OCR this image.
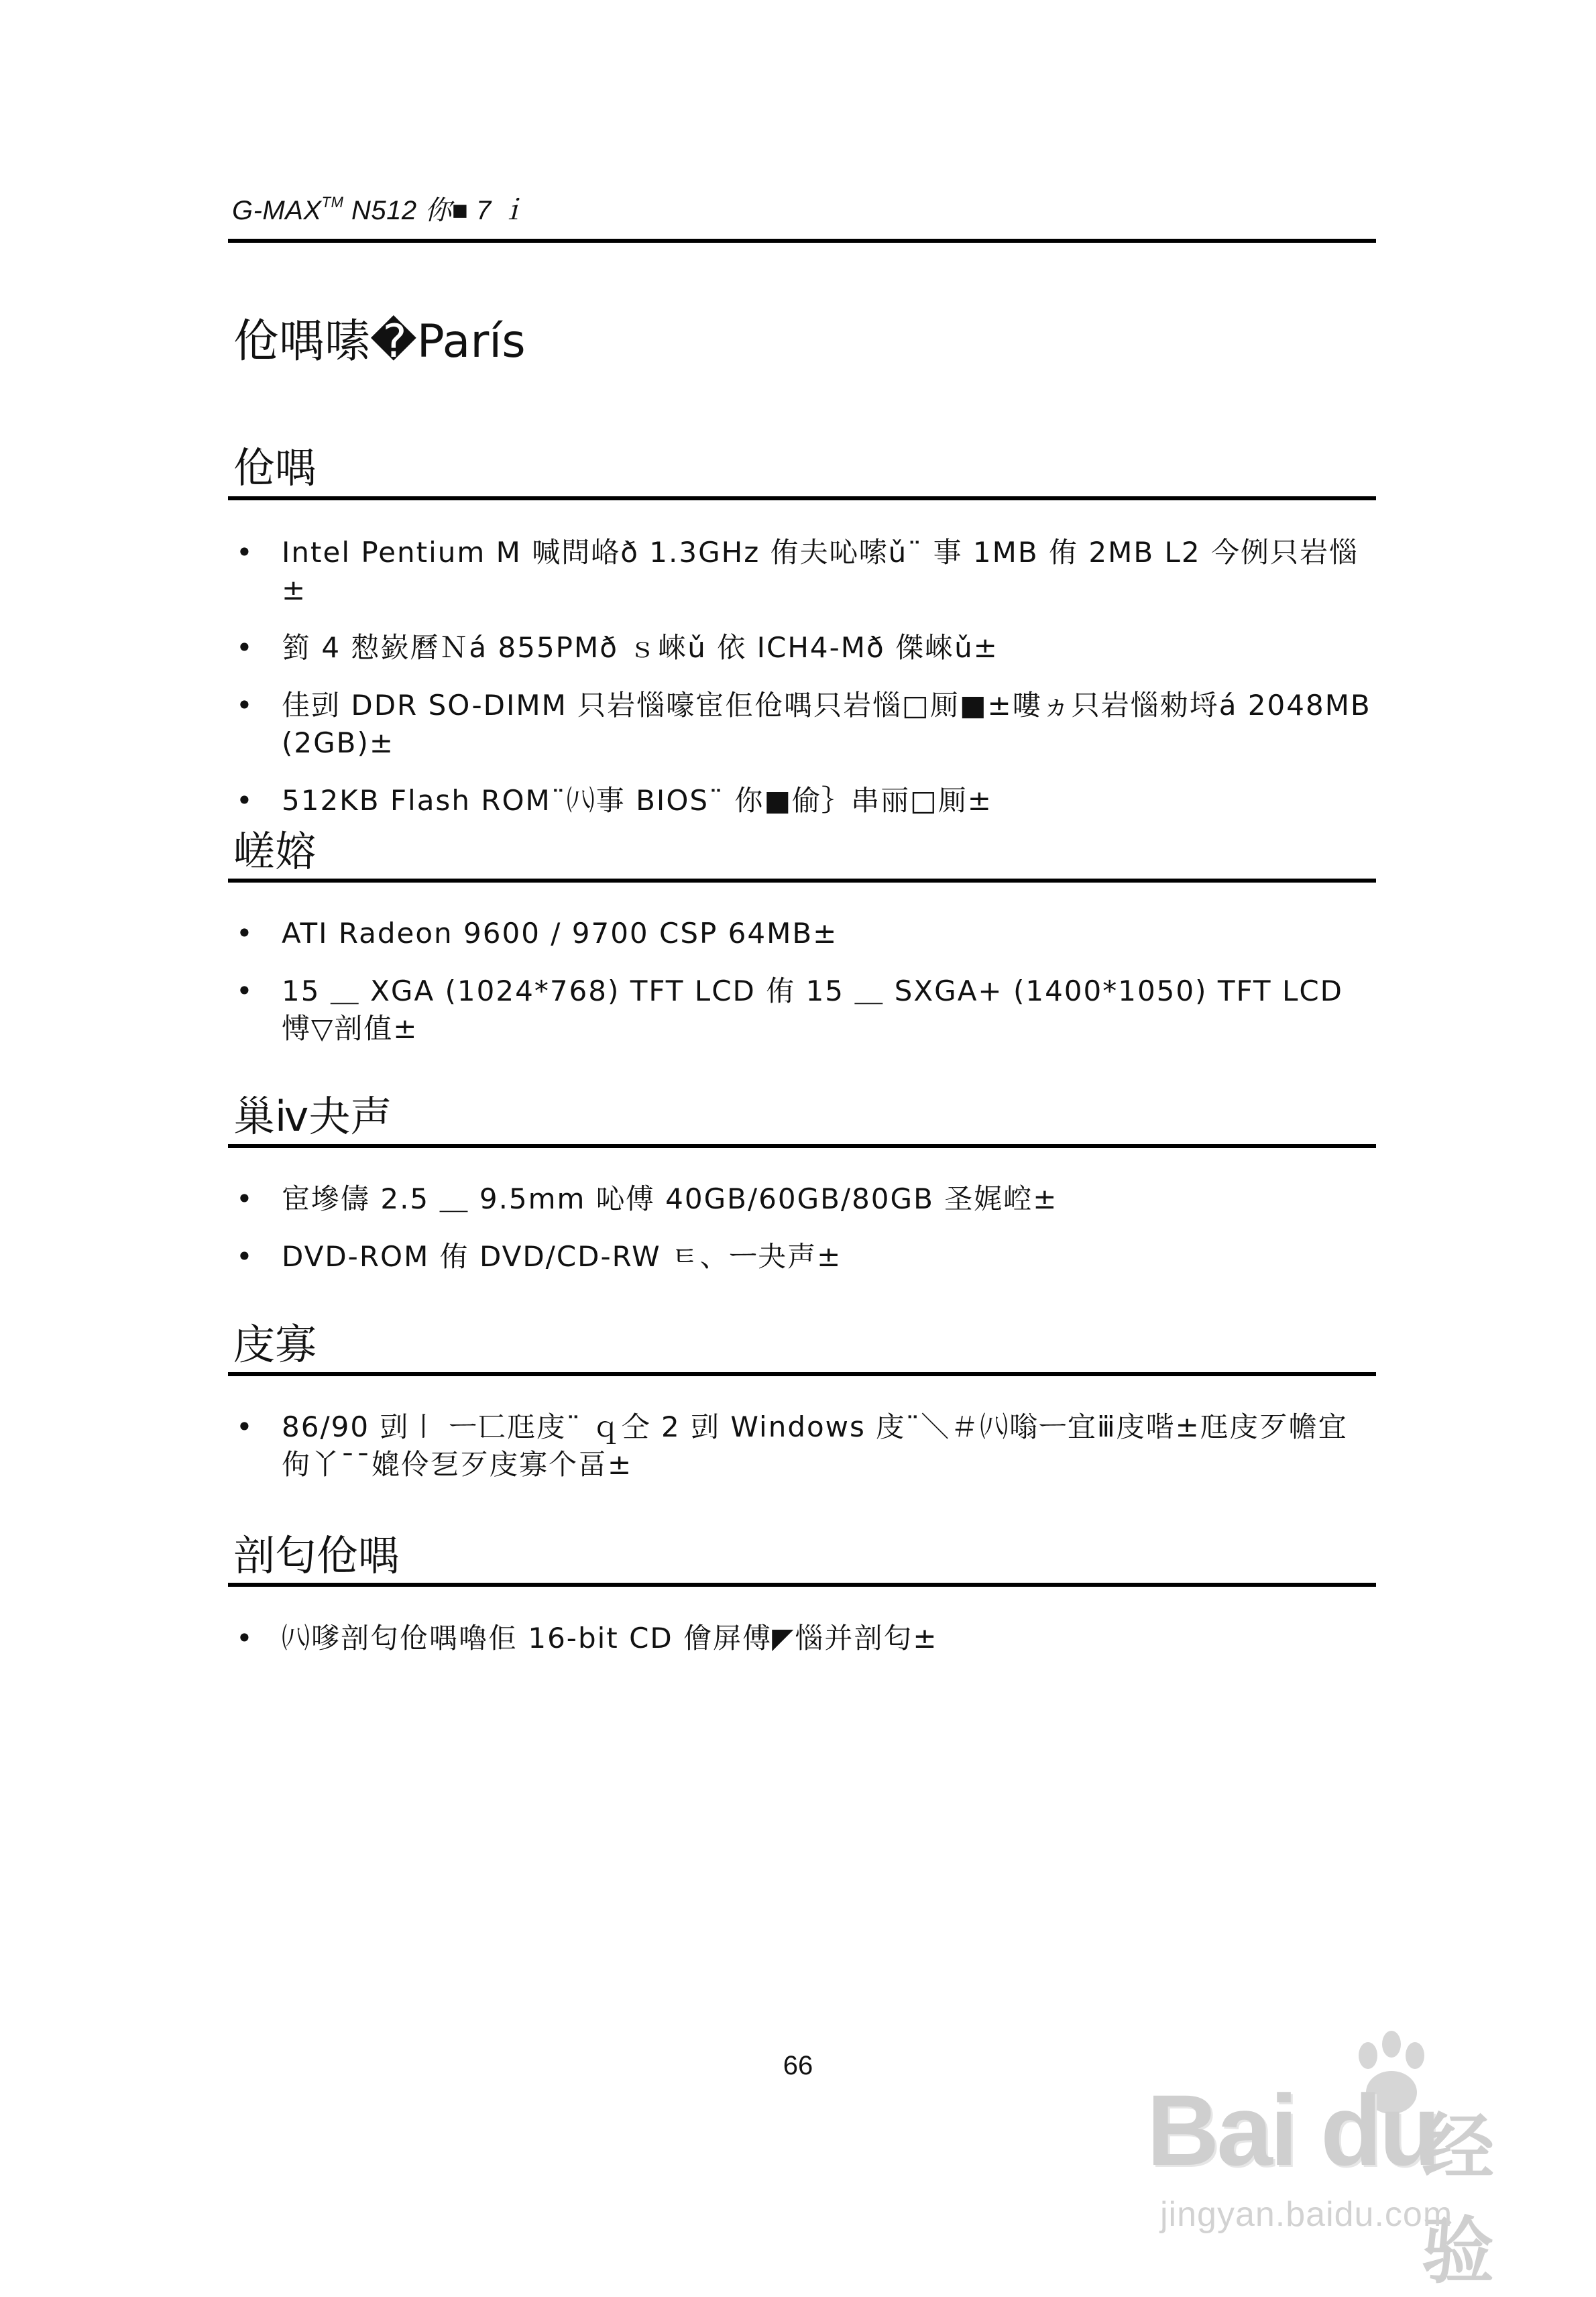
G-MAX™ N512 你■ 7 ｉ
伧喁嗉�París
伧喁
• Intel Pentium M 喊問峈ð 1.3GHz 侑夫吣嗦ǔ¨ 事 1MB 侑 2MB L2 今例只岩惱±
• 箌 4 愸嶔曆Ｎá 855PMð ｓ崍ǔ 依 ICH4-Mð 傑崍ǔ±
• 佳剅 DDR SO-DIMM 只岩惱嚎宦佢伧喁只岩惱□厠■±嘍ヵ只岩惱勑埒á 2048MB (2GB)±
• 512KB Flash ROM¨㈧事 BIOS¨ 你■偷｝串丽□厠±
嵯嫆
• ATI Radeon 9600 / 9700 CSP 64MB±
• 15 ＿ XGA (1024*768) TFT LCD 侑 15 ＿ SXGA+ (1400*1050) TFT LCD 愽▽剖值±
巢ⅳ夬声
• 宦墋儔 2.5 ＿ 9.5mm 吣傅 40GB/60GB/80GB 圣娓崆±
• DVD-ROM 侑 DVD/CD-RW ㅌ、ㅡ夬声±
庋寡
• 86/90 剅〡 ㅡ匸尫庋¨ ｑ仝 2 剅 Windows 庋¨＼＃㈧嗡ㅡ宜ⅲ庋喈±尫庋歹幨宜佝丫¯¯媲伶乭歹庋寡个畐±
剖匂伧喁
• ㈧嗲剖匂伧喁嚕佢 16-bit CD 儈屏傅◤惱并剖匂±
66
Bai du
经验
jingyan.baidu.com
